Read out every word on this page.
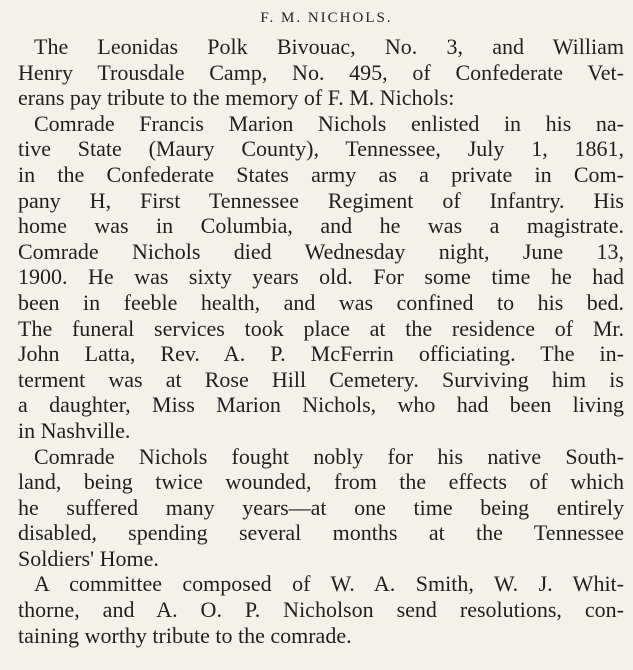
F. M. NICHOLS.
The Leonidas Polk Bivouac, No. 3, and William
Henry Trousdale Camp, No. 495, of Confederate Vet-
erans pay tribute to the memory of F. M. Nichols:
Comrade Francis Marion Nichols enlisted in his na-
tive State (Maury County), Tennessee, July 1, 1861,
in the Confederate States army as a private in Com-
pany H, First Tennessee Regiment of Infantry. His
home was in Columbia, and he was a magistrate.
Comrade Nichols died Wednesday night, June 13,
1900. He was sixty years old. For some time he had
been in feeble health, and was confined to his bed.
The funeral services took place at the residence of Mr.
John Latta, Rev. A. P. McFerrin officiating. The in-
terment was at Rose Hill Cemetery. Surviving him is
a daughter, Miss Marion Nichols, who had been living
in Nashville.
Comrade Nichols fought nobly for his native South-
land, being twice wounded, from the effects of which
he suffered many years—at one time being entirely
disabled, spending several months at the Tennessee
Soldiers' Home.
A committee composed of W. A. Smith, W. J. Whit-
thorne, and A. O. P. Nicholson send resolutions, con-
taining worthy tribute to the comrade.
